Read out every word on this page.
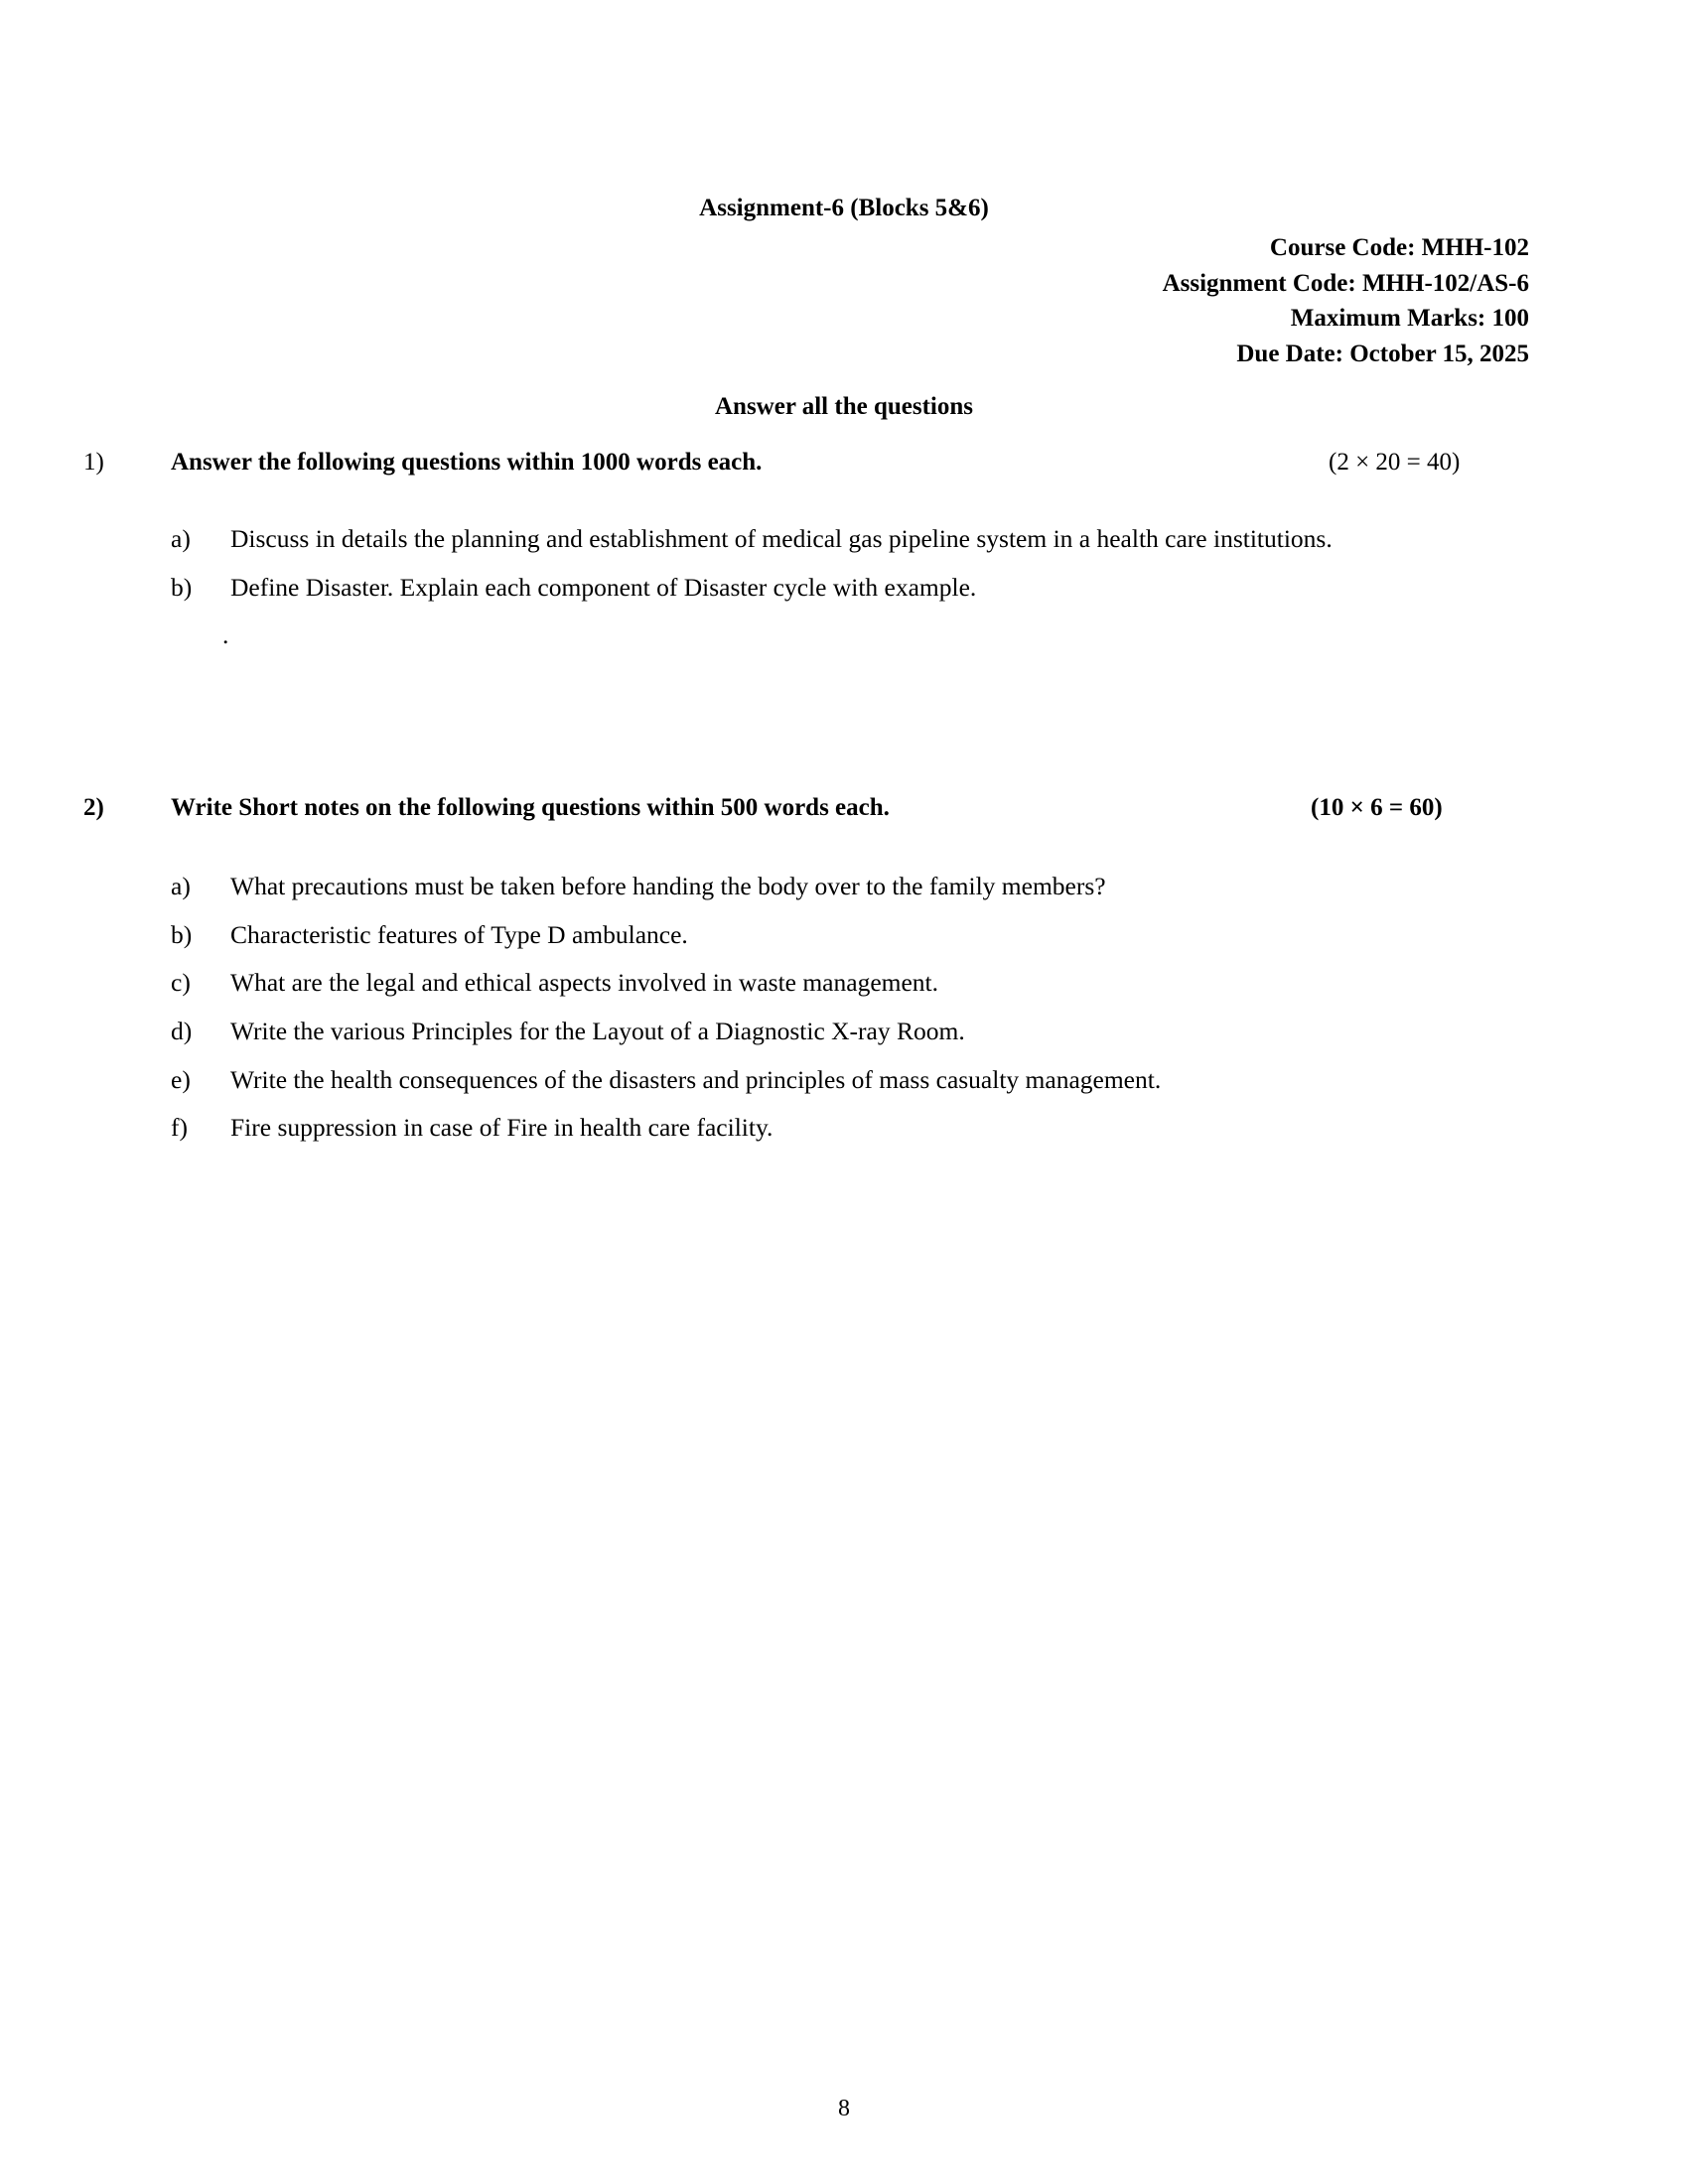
Assignment-6 (Blocks 5&6)
Course Code: MHH-102
Assignment Code: MHH-102/AS-6
Maximum Marks: 100
Due Date: October 15, 2025
Answer all the questions
1)	Answer the following questions within 1000 words each.	(2 × 20 = 40)
a) Discuss in details the planning and establishment of medical gas pipeline system in a health care institutions.
b) Define Disaster. Explain each component of Disaster cycle with example.
.
2)	Write Short notes on the following questions within 500 words each.	(10 × 6 = 60)
a) What precautions must be taken before handing the body over to the family members?
b) Characteristic features of Type D ambulance.
c) What are the legal and ethical aspects involved in waste management.
d) Write the various Principles for the Layout of a Diagnostic X-ray Room.
e) Write the health consequences of the disasters and principles of mass casualty management.
f) Fire suppression in case of Fire in health care facility.
8
